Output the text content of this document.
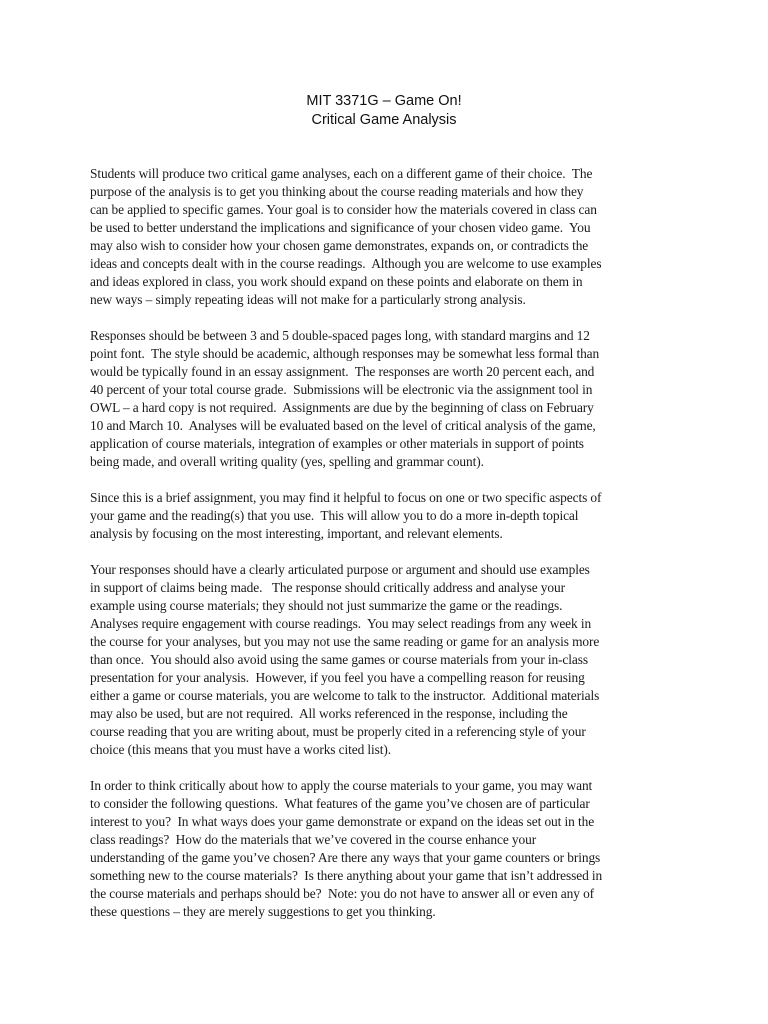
MIT 3371G – Game On!
Critical Game Analysis
Students will produce two critical game analyses, each on a different game of their choice.  The
purpose of the analysis is to get you thinking about the course reading materials and how they
can be applied to specific games. Your goal is to consider how the materials covered in class can
be used to better understand the implications and significance of your chosen video game.  You
may also wish to consider how your chosen game demonstrates, expands on, or contradicts the
ideas and concepts dealt with in the course readings.  Although you are welcome to use examples
and ideas explored in class, you work should expand on these points and elaborate on them in
new ways – simply repeating ideas will not make for a particularly strong analysis.
Responses should be between 3 and 5 double-spaced pages long, with standard margins and 12
point font.  The style should be academic, although responses may be somewhat less formal than
would be typically found in an essay assignment.  The responses are worth 20 percent each, and
40 percent of your total course grade.  Submissions will be electronic via the assignment tool in
OWL – a hard copy is not required.  Assignments are due by the beginning of class on February
10 and March 10.  Analyses will be evaluated based on the level of critical analysis of the game,
application of course materials, integration of examples or other materials in support of points
being made, and overall writing quality (yes, spelling and grammar count).
Since this is a brief assignment, you may find it helpful to focus on one or two specific aspects of
your game and the reading(s) that you use.  This will allow you to do a more in-depth topical
analysis by focusing on the most interesting, important, and relevant elements.
Your responses should have a clearly articulated purpose or argument and should use examples
in support of claims being made.   The response should critically address and analyse your
example using course materials; they should not just summarize the game or the readings.
Analyses require engagement with course readings.  You may select readings from any week in
the course for your analyses, but you may not use the same reading or game for an analysis more
than once.  You should also avoid using the same games or course materials from your in-class
presentation for your analysis.  However, if you feel you have a compelling reason for reusing
either a game or course materials, you are welcome to talk to the instructor.  Additional materials
may also be used, but are not required.  All works referenced in the response, including the
course reading that you are writing about, must be properly cited in a referencing style of your
choice (this means that you must have a works cited list).
In order to think critically about how to apply the course materials to your game, you may want
to consider the following questions.  What features of the game you’ve chosen are of particular
interest to you?  In what ways does your game demonstrate or expand on the ideas set out in the
class readings?  How do the materials that we’ve covered in the course enhance your
understanding of the game you’ve chosen? Are there any ways that your game counters or brings
something new to the course materials?  Is there anything about your game that isn’t addressed in
the course materials and perhaps should be?  Note: you do not have to answer all or even any of
these questions – they are merely suggestions to get you thinking.
